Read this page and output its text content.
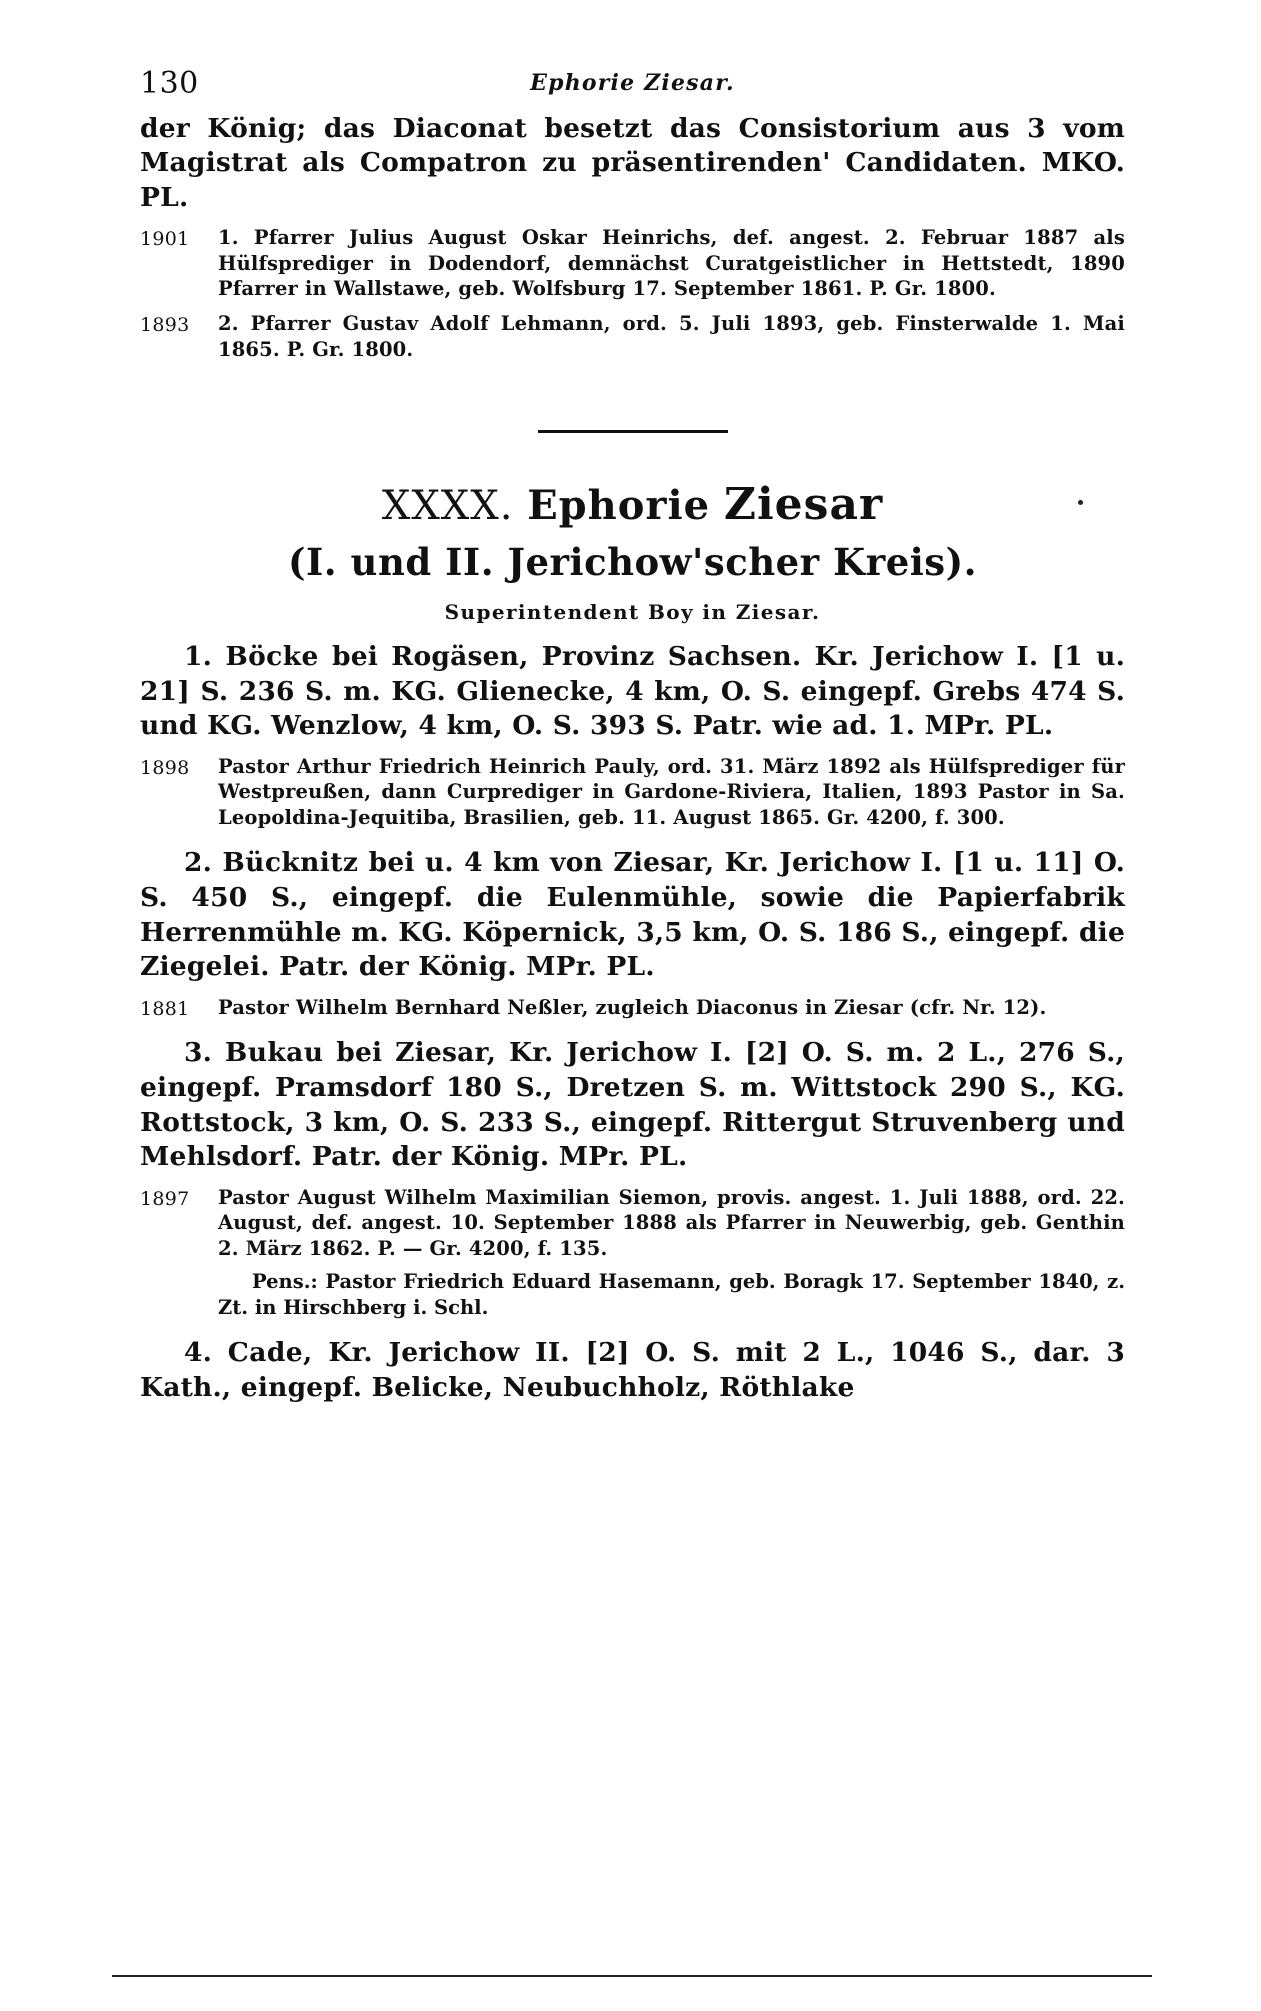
130	Ephorie Ziesar.

der König; das Diaconat besetzt das Consistorium aus 3 vom Magistrat als Compatron zu präsentirenden' Candidaten. MKO. PL.

1901 1. Pfarrer Julius August Oskar Heinrichs, def. angest. 2. Februar 1887 als Hülfsprediger in Dodendorf, demnächst Curatgeistlicher in Hettstedt, 1890 Pfarrer in Wallstawe, geb. Wolfsburg 17. September 1861. P. Gr. 1800.
1893 2. Pfarrer Gustav Adolf Lehmann, ord. 5. Juli 1893, geb. Finsterwalde 1. Mai 1865. P. Gr. 1800.
XXXX. Ephorie Ziesar
(I. und II. Jerichow'scher Kreis).
Superintendent Boy in Ziesar.
1. Böcke bei Rogäsen, Provinz Sachsen. Kr. Jerichow I. [1 u. 21] S. 236 S. m. KG. Glienecke, 4 km, O. S. eingepf. Grebs 474 S. und KG. Wenzlow, 4 km, O. S. 393 S. Patr. wie ad. 1. MPr. PL.
1898 Pastor Arthur Friedrich Heinrich Pauly, ord. 31. März 1892 als Hülfsprediger für Westpreußen, dann Curprediger in Gardone-Riviera, Italien, 1893 Pastor in Sa. Leopoldina-Jequitiba, Brasilien, geb. 11. August 1865. Gr. 4200, f. 300.
2. Bücknitz bei u. 4 km von Ziesar, Kr. Jerichow I. [1 u. 11] O. S. 450 S., eingepf. die Eulenmühle, sowie die Papierfabrik Herrenmühle m. KG. Köpernick, 3,5 km, O. S. 186 S., eingepf. die Ziegelei. Patr. der König. MPr. PL.
1881 Pastor Wilhelm Bernhard Neßler, zugleich Diaconus in Ziesar (cfr. Nr. 12).
3. Bukau bei Ziesar, Kr. Jerichow I. [2] O. S. m. 2 L., 276 S., eingepf. Pramsdorf 180 S., Dretzen S. m. Wittstock 290 S., KG. Rottstock, 3 km, O. S. 233 S., eingepf. Rittergut Struvenberg und Mehlsdorf. Patr. der König. MPr. PL.
1897 Pastor August Wilhelm Maximilian Siemon, provis. angest. 1. Juli 1888, ord. 22. August, def. angest. 10. September 1888 als Pfarrer in Neuwerbig, geb. Genthin 2. März 1862. P. — Gr. 4200, f. 135.
Pens.: Pastor Friedrich Eduard Hasemann, geb. Boragk 17. September 1840, z. Zt. in Hirschberg i. Schl.
4. Cade, Kr. Jerichow II. [2] O. S. mit 2 L., 1046 S., dar. 3 Kath., eingepf. Belicke, Neubuchholz, Röthlake
